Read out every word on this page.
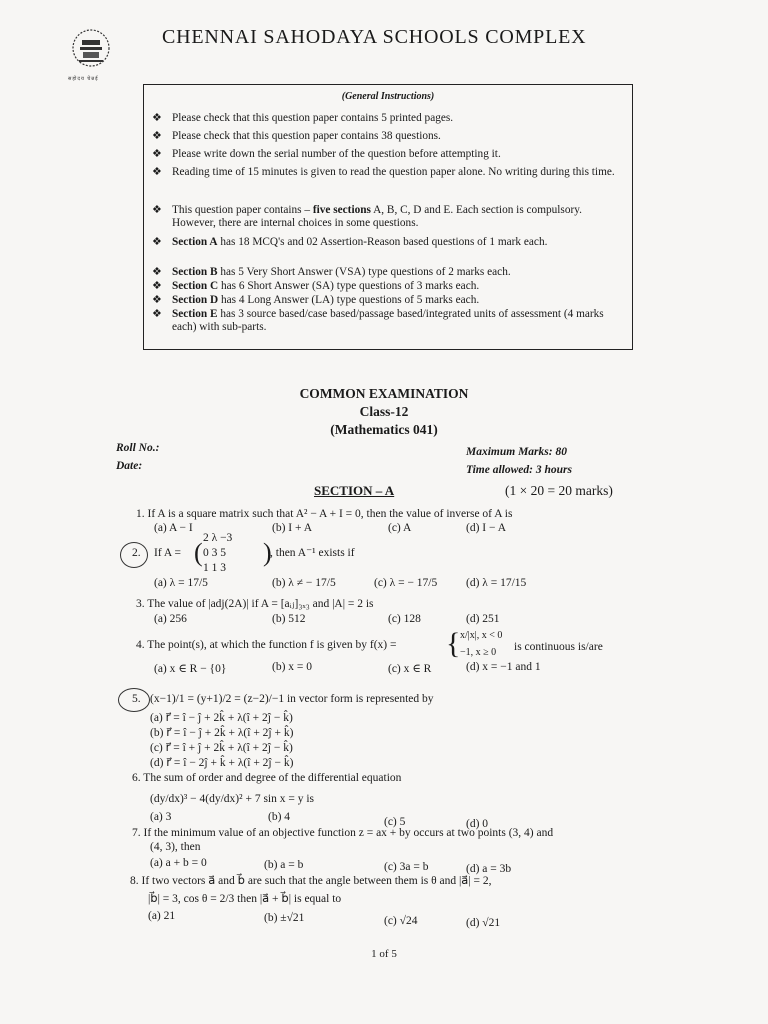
सहोदय चेन्नई
CHENNAI SAHODAYA SCHOOLS COMPLEX
(General Instructions)
❖ Please check that this question paper contains 5 printed pages.
❖ Please check that this question paper contains 38 questions.
❖ Please write down the serial number of the question before attempting it.
❖ Reading time of 15 minutes is given to read the question paper alone. No writing during this time.
❖ This question paper contains – five sections A, B, C, D and E. Each section is compulsory. However, there are internal choices in some questions.
❖ Section A has 18 MCQ's and 02 Assertion-Reason based questions of 1 mark each.
❖ Section B has 5 Very Short Answer (VSA) type questions of 2 marks each.
❖ Section C has 6 Short Answer (SA) type questions of 3 marks each.
❖ Section D has 4 Long Answer (LA) type questions of 5 marks each.
❖ Section E has 3 source based/case based/passage based/integrated units of assessment (4 marks each) with sub-parts.
COMMON EXAMINATION
Class-12
(Mathematics 041)
Roll No.:
Date:
Maximum Marks: 80
Time allowed: 3 hours
SECTION – A	(1 × 20 = 20 marks)
1. If A is a square matrix such that A² − A + I = 0, then the value of inverse of A is
(a) A − I	(b) I + A	(c) A	(d) I − A
2. If A = ( 2 λ −3
0 3 5
1 1 3
)
, then A⁻¹ exists if
(a) λ = 17/5	(b) λ ≠ − 17/5	(c) λ = − 17/5 (d) λ = 17/15
3. The value of |adj(2A)| if A = [aᵢⱼ]₃ₓ₃ and |A| = 2 is
(a) 256	(b) 512	(c) 128	(d) 251
4. The point(s), at which the function f is given by f(x) = { x/|x|, x < 0
−1, x ≥ 0 is continuous is/are
(a) x ∈ R − {0}	(b) x = 0	(c) x ∈ R	(d) x = −1 and 1
5. (x−1)/1 = (y+1)/2 = (z−2)/−1 in vector form is represented by
(a) r⃗ = î − ĵ + 2k̂ + λ(î + 2ĵ − k̂)
(b) r⃗ = î − ĵ + 2k̂ + λ(î + 2ĵ + k̂)
(c) r⃗ = î + ĵ + 2k̂ + λ(î + 2ĵ − k̂)
(d) r⃗ = î − 2ĵ + k̂ + λ(î + 2ĵ − k̂)
6. The sum of order and degree of the differential equation
(dy/dx)³ − 4(dy/dx)² + 7 sin x = y is
(a) 3	(b) 4	(c) 5	(d) 0
7. If the minimum value of an objective function z = ax + by occurs at two points (3, 4) and
(4, 3), then
(a) a + b = 0	(b) a = b	(c) 3a = b	(d) a = 3b
8. If two vectors a⃗ and b⃗ are such that the angle between them is θ and |a⃗| = 2,
|b⃗| = 3, cos θ = 2/3 then |a⃗ + b⃗| is equal to
(a) 21	(b) ±√21	(c) √24	(d) √21
1 of 5
